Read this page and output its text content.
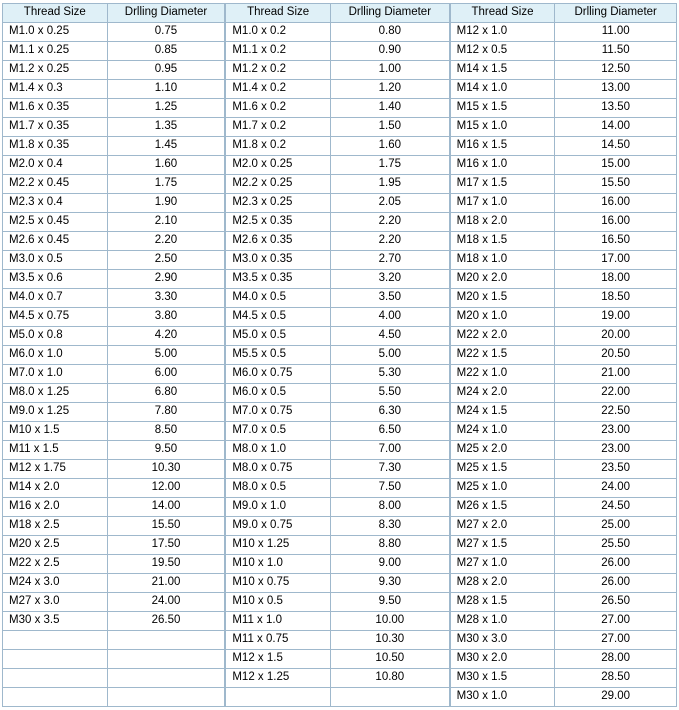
Thread Size	Drlling Diameter
M1.0 x 0.25	0.75
M1.1 x 0.25	0.85
M1.2 x 0.25	0.95
M1.4 x 0.3	1.10
M1.6 x 0.35	1.25
M1.7 x 0.35	1.35
M1.8 x 0.35	1.45
M2.0 x 0.4	1.60
M2.2 x 0.45	1.75
M2.3 x 0.4	1.90
M2.5 x 0.45	2.10
M2.6 x 0.45	2.20
M3.0 x 0.5	2.50
M3.5 x 0.6	2.90
M4.0 x 0.7	3.30
M4.5 x 0.75	3.80
M5.0 x 0.8	4.20
M6.0 x 1.0	5.00
M7.0 x 1.0	6.00
M8.0 x 1.25	6.80
M9.0 x 1.25	7.80
M10 x 1.5	8.50
M11 x 1.5	9.50
M12 x 1.75	10.30
M14 x 2.0	12.00
M16 x 2.0	14.00
M18 x 2.5	15.50
M20 x 2.5	17.50
M22 x 2.5	19.50
M24 x 3.0	21.00
M27 x 3.0	24.00
M30 x 3.5	26.50

Thread Size	Drlling Diameter
M1.0 x 0.2	0.80
M1.1 x 0.2	0.90
M1.2 x 0.2	1.00
M1.4 x 0.2	1.20
M1.6 x 0.2	1.40
M1.7 x 0.2	1.50
M1.8 x 0.2	1.60
M2.0 x 0.25	1.75
M2.2 x 0.25	1.95
M2.3 x 0.25	2.05
M2.5 x 0.35	2.20
M2.6 x 0.35	2.20
M3.0 x 0.35	2.70
M3.5 x 0.35	3.20
M4.0 x 0.5	3.50
M4.5 x 0.5	4.00
M5.0 x 0.5	4.50
M5.5 x 0.5	5.00
M6.0 x 0.75	5.30
M6.0 x 0.5	5.50
M7.0 x 0.75	6.30
M7.0 x 0.5	6.50
M8.0 x 1.0	7.00
M8.0 x 0.75	7.30
M8.0 x 0.5	7.50
M9.0 x 1.0	8.00
M9.0 x 0.75	8.30
M10 x 1.25	8.80
M10 x 1.0	9.00
M10 x 0.75	9.30
M10 x 0.5	9.50
M11 x 1.0	10.00
M11 x 0.75	10.30
M12 x 1.5	10.50
M12 x 1.25	10.80

Thread Size	Drlling Diameter
M12 x 1.0	11.00
M12 x 0.5	11.50
M14 x 1.5	12.50
M14 x 1.0	13.00
M15 x 1.5	13.50
M15 x 1.0	14.00
M16 x 1.5	14.50
M16 x 1.0	15.00
M17 x 1.5	15.50
M17 x 1.0	16.00
M18 x 2.0	16.00
M18 x 1.5	16.50
M18 x 1.0	17.00
M20 x 2.0	18.00
M20 x 1.5	18.50
M20 x 1.0	19.00
M22 x 2.0	20.00
M22 x 1.5	20.50
M22 x 1.0	21.00
M24 x 2.0	22.00
M24 x 1.5	22.50
M24 x 1.0	23.00
M25 x 2.0	23.00
M25 x 1.5	23.50
M25 x 1.0	24.00
M26 x 1.5	24.50
M27 x 2.0	25.00
M27 x 1.5	25.50
M27 x 1.0	26.00
M28 x 2.0	26.00
M28 x 1.5	26.50
M28 x 1.0	27.00
M30 x 3.0	27.00
M30 x 2.0	28.00
M30 x 1.5	28.50
M30 x 1.0	29.00
